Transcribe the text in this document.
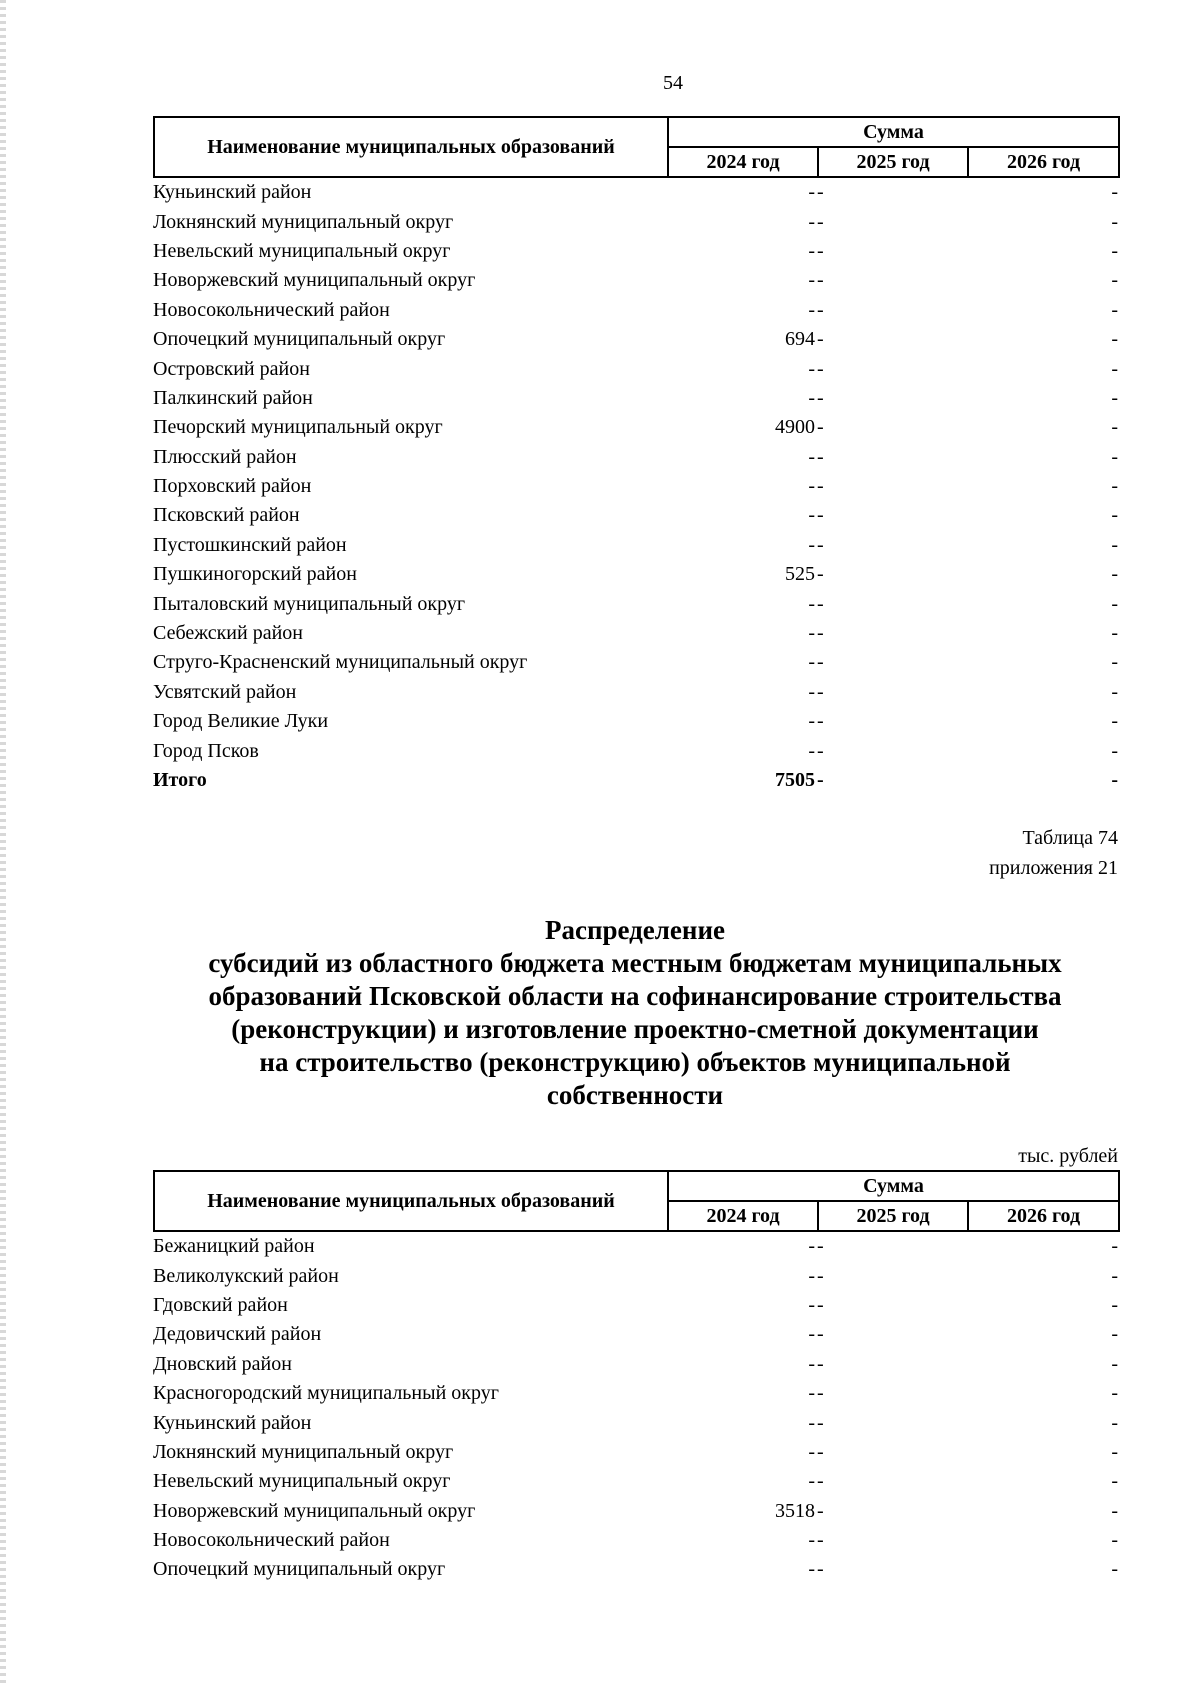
54
Наименование муниципальных образований	Сумма		
	2024 год	2025 год	2026 год
Куньинский район	-	-	-
Локнянский муниципальный округ	-	-	-
Невельский муниципальный округ	-	-	-
Новоржевский муниципальный округ	-	-	-
Новосокольнический район	-	-	-
Опочецкий муниципальный округ	694	-	-
Островский район	-	-	-
Палкинский район	-	-	-
Печорский муниципальный округ	4900	-	-
Плюсский район	-	-	-
Порховский район	-	-	-
Псковский район	-	-	-
Пустошкинский район	-	-	-
Пушкиногорский район	525	-	-
Пыталовский муниципальный округ	-	-	-
Себежский район	-	-	-
Струго-Красненский муниципальный округ	-	-	-
Усвятский район	-	-	-
Город Великие Луки	-	-	-
Город Псков	-	-	-
Итого	7505	-	-
Таблица 74
приложения 21
Распределение
субсидий из областного бюджета местным бюджетам муниципальных
образований Псковской области на софинансирование строительства
(реконструкции) и изготовление проектно-сметной документации
на строительство (реконструкцию) объектов муниципальной
собственности
тыс. рублей
Наименование муниципальных образований	Сумма		
	2024 год	2025 год	2026 год
Бежаницкий район	-	-	-
Великолукский район	-	-	-
Гдовский район	-	-	-
Дедовичский район	-	-	-
Дновский район	-	-	-
Красногородский муниципальный округ	-	-	-
Куньинский район	-	-	-
Локнянский муниципальный округ	-	-	-
Невельский муниципальный округ	-	-	-
Новоржевский муниципальный округ	3518	-	-
Новосокольнический район	-	-	-
Опочецкий муниципальный округ	-	-	-
